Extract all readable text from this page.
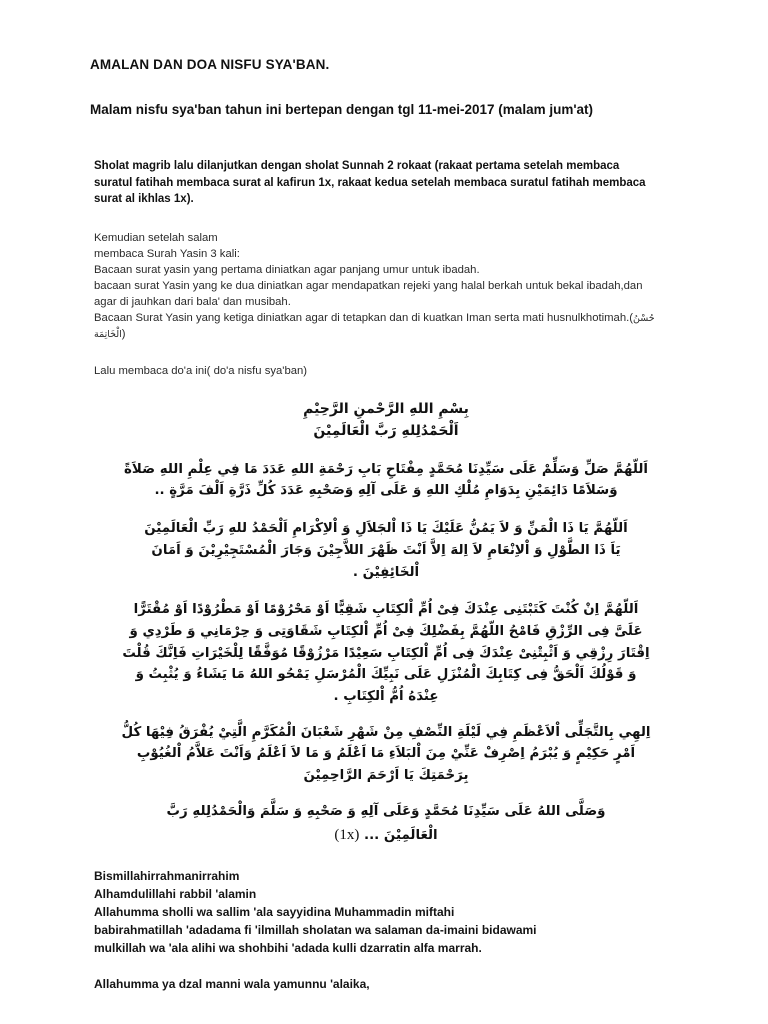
AMALAN DAN DOA NISFU SYA'BAN.
Malam nisfu sya'ban tahun ini bertepan dengan tgl 11-mei-2017 (malam jum'at)

Sholat magrib lalu dilanjutkan dengan sholat Sunnah 2 rokaat (rakaat pertama setelah membaca suratul fatihah membaca surat al kafirun 1x, rakaat kedua setelah membaca suratul fatihah membaca surat al ikhlas 1x).

Kemudian setelah salam
membaca Surah Yasin 3 kali:
Bacaan surat yasin yang pertama diniatkan agar panjang umur untuk ibadah.
bacaan surat Yasin yang ke dua diniatkan agar mendapatkan rejeki yang halal berkah untuk bekal ibadah,dan agar di jauhkan dari bala' dan musibah.
Bacaan Surat Yasin yang ketiga diniatkan agar di tetapkan dan di kuatkan Iman serta mati husnulkhotimah.(حُسْنُ الْخَاتِمَة)

Lalu membaca do'a ini( do'a nisfu sya'ban)

بِسْمِ اللهِ الرَّحْمنِ الرَّحِيْمِ
اَلْحَمْدُلِلهِ رَبَّ الْعَالَمِيْنَ
اَللّهُمَّ صَلِّ وَسَلِّمْ عَلَى سَيِّدِنَا مُحَمَّدٍ مِفْتَاحِ بَابِ رَحْمَةِ اللهِ عَدَدَ مَا فِي عِلْمِ اللهِ صَلاَةً
وَسَلاَمًا دَائِمَيْنِ بِدَوَامِ مُلْكِ اللهِ وَ عَلَى آلِهِ وَصَحْبِهِ عَدَدَ كُلِّ ذَرَّةِ اَلْفَ مَرَّةٍ ..
اَللّهُمَّ يَا ذَا الْمَنِّ وَ لاَ يَمُنُّ عَلَيْكَ يَا ذَا اْلجَلاَلِ وَ اْلاِكْرَامِ اَلْحَمْدُ للهِ رَبِّ الْعَالَمِيْنَ
يَاَ ذَا الطَّوْلِ وَ اْلاِنْعَامِ لاَ اِلهَ اِلاَّ اَنْتَ ظَهْرَ اللاَّجِيْنَ وَجَارَ الْمُسْتَجِيْرِيْنَ وَ اَمَانَ
اْلخَائِفِيْنَ .
اَللّهُمَّ اِنْ كُنْتَ كَتَبْتَنِى عِنْدَكَ فِىْ اُمِّ اْلكِتَابِ شَقِيًّا اَوْ مَحْرُوْمًا اَوْ مَطْرُوْدًا اَوْ مُقْتَرًّا
عَلَىَّ فِى الرِّزْقِ فَامْحُ اللّهُمَّ بِفَضْلِكَ فِىْ اُمِّ اْلكِتَابِ شَقَاوَتِى وَ حِرْمَانِي وَ طَرْدِي وَ
اِقْتَارَ رِزْقِي وَ اَثْبِتْنِىْ عِنْدَكَ فِى اُمِّ اْلكِتَابِ سَعِيْدًا مَرْزُوْقًا مُوَفَّقًا لِلْخَيْرَاتِ فَاِنَّكَ قُلْتَ
وَ قَوْلُكَ اَلْحَقُّ فِى كِتَابِكَ الْمُنْزَلِ عَلَى نَبِيِّكَ الْمُرْسَلِ يَمْحُو اللهُ مَا يَشَاءُ وَ يُثْبِتُ وَ
عِنْدَهُ اُمُّ اْلكِتَابِ .
اِلهِي بِالتَّجَلِّى اْلاَعْظَمِ فِي لَيْلَةِ النِّصْفِ مِنْ شَهْرِ شَعْبَانَ الْمُكَرَّمِ الَّتِيْ يُفْرَقُ فِيْهَا كُلُّ
اَمْرٍ حَكِيْمٍ وَ يُبْرَمُ اِصْرِفْ عَنِّيْ مِنَ اْلبَلاَءِ مَا اَعْلَمُ وَ مَا لاَ اَعْلَمُ وَاَنْتَ عَلاَّمُ اْلغُيُوْبِ
بِرَحْمَتِكَ يَا اَرْحَمَ الرَّاحِمِيْنَ
وَصَلَّى اللهُ عَلَى سَيِّدِنَا مُحَمَّدٍ وَعَلَى آلِهِ وَ صَحْبِهِ وَ سَلَّمَ وَالْحَمْدُلِلهِ رَبَّ
الْعَالَمِيْنَ ... (1x)
Bismillahirrahmanirrahim
Alhamdulillahi rabbil 'alamin
Allahumma sholli wa sallim 'ala sayyidina Muhammadin miftahi
babirahmatillah 'adadama fi 'ilmillah sholatan wa salaman da-imaini bidawami
mulkillah wa 'ala alihi wa shohbihi 'adada kulli dzarratin alfa marrah.

Allahumma ya dzal manni wala yamunnu 'alaika,
